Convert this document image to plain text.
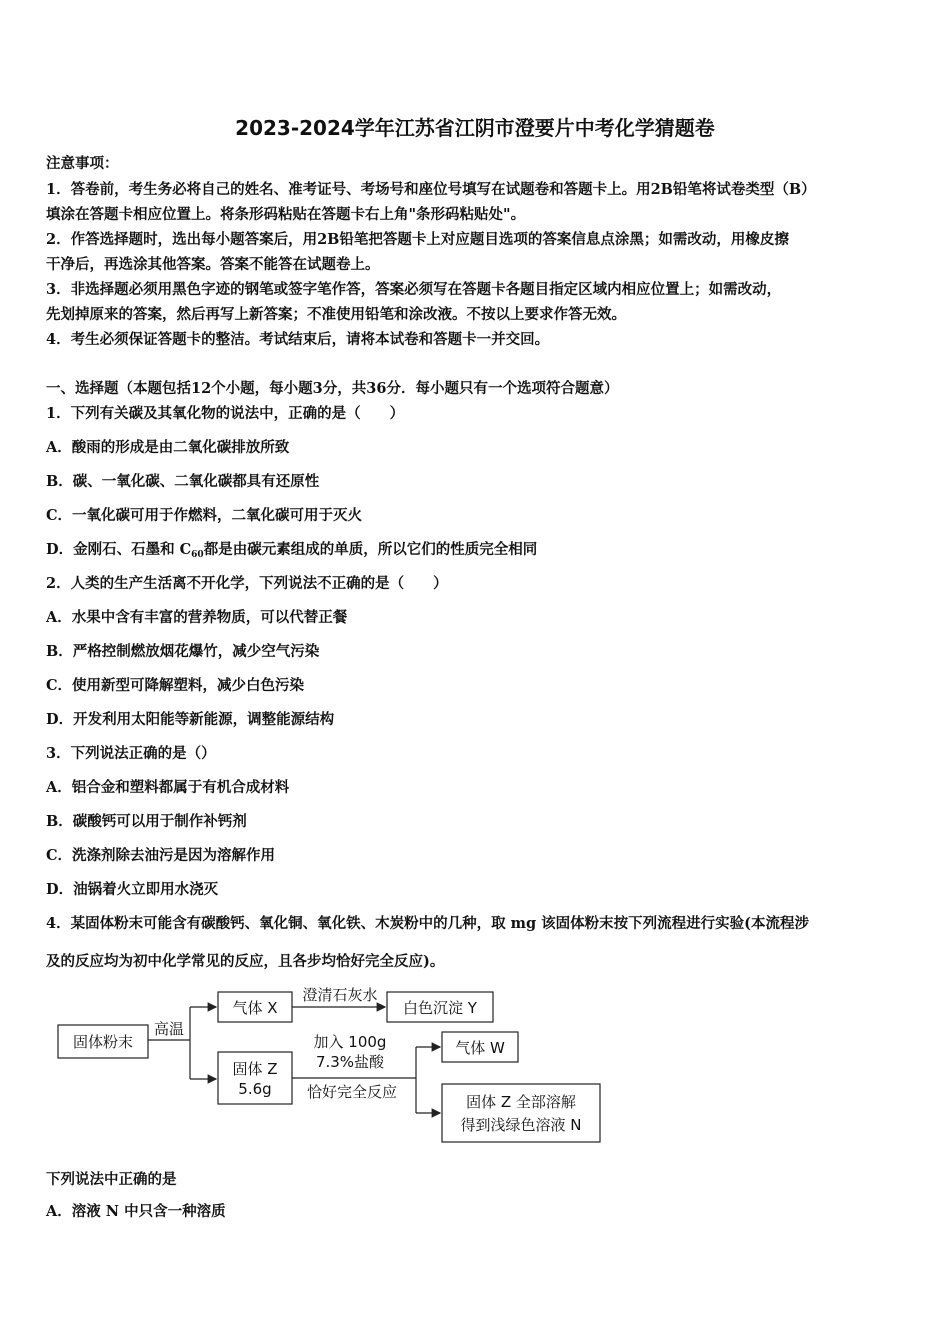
2023-2024学年江苏省江阴市澄要片中考化学猜题卷
注意事项：
1．答卷前，考生务必将自己的姓名、准考证号、考场号和座位号填写在试题卷和答题卡上。用2B铅笔将试卷类型（B）
填涂在答题卡相应位置上。将条形码粘贴在答题卡右上角"条形码粘贴处"。
2．作答选择题时，选出每小题答案后，用2B铅笔把答题卡上对应题目选项的答案信息点涂黑；如需改动，用橡皮擦
干净后，再选涂其他答案。答案不能答在试题卷上。
3．非选择题必须用黑色字迹的钢笔或签字笔作答，答案必须写在答题卡各题目指定区域内相应位置上；如需改动，
先划掉原来的答案，然后再写上新答案；不准使用铅笔和涂改液。不按以上要求作答无效。
4．考生必须保证答题卡的整洁。考试结束后，请将本试卷和答题卡一并交回。
一、选择题（本题包括12个小题，每小题3分，共36分．每小题只有一个选项符合题意）
1．下列有关碳及其氧化物的说法中，正确的是（　　）
A．酸雨的形成是由二氧化碳排放所致
B．碳、一氧化碳、二氧化碳都具有还原性
C．一氧化碳可用于作燃料，二氧化碳可用于灭火
D．金刚石、石墨和 $C_{60}$都是由碳元素组成的单质，所以它们的性质完全相同
2．人类的生产生活离不开化学，下列说法不正确的是（　　）
A．水果中含有丰富的营养物质，可以代替正餐
B．严格控制燃放烟花爆竹，减少空气污染
C．使用新型可降解塑料，减少白色污染
D．开发利用太阳能等新能源，调整能源结构
3．下列说法正确的是（）
A．铝合金和塑料都属于有机合成材料
B．碳酸钙可以用于制作补钙剂
C．洗涤剂除去油污是因为溶解作用
D．油锅着火立即用水浇灭
4．某固体粉末可能含有碳酸钙、氧化铜、氧化铁、木炭粉中的几种，取 mg 该固体粉末按下列流程进行实验(本流程涉
及的反应均为初中化学常见的反应，且各步均恰好完全反应)。
固体粉末
高温
气体 X
澄清石灰水
白色沉淀 Y
固体 Z
5.6g
加入 100g
7.3%盐酸
恰好完全反应
气体 W
固体 Z 全部溶解
得到浅绿色溶液 N
下列说法中正确的是
A．溶液 N 中只含一种溶质
